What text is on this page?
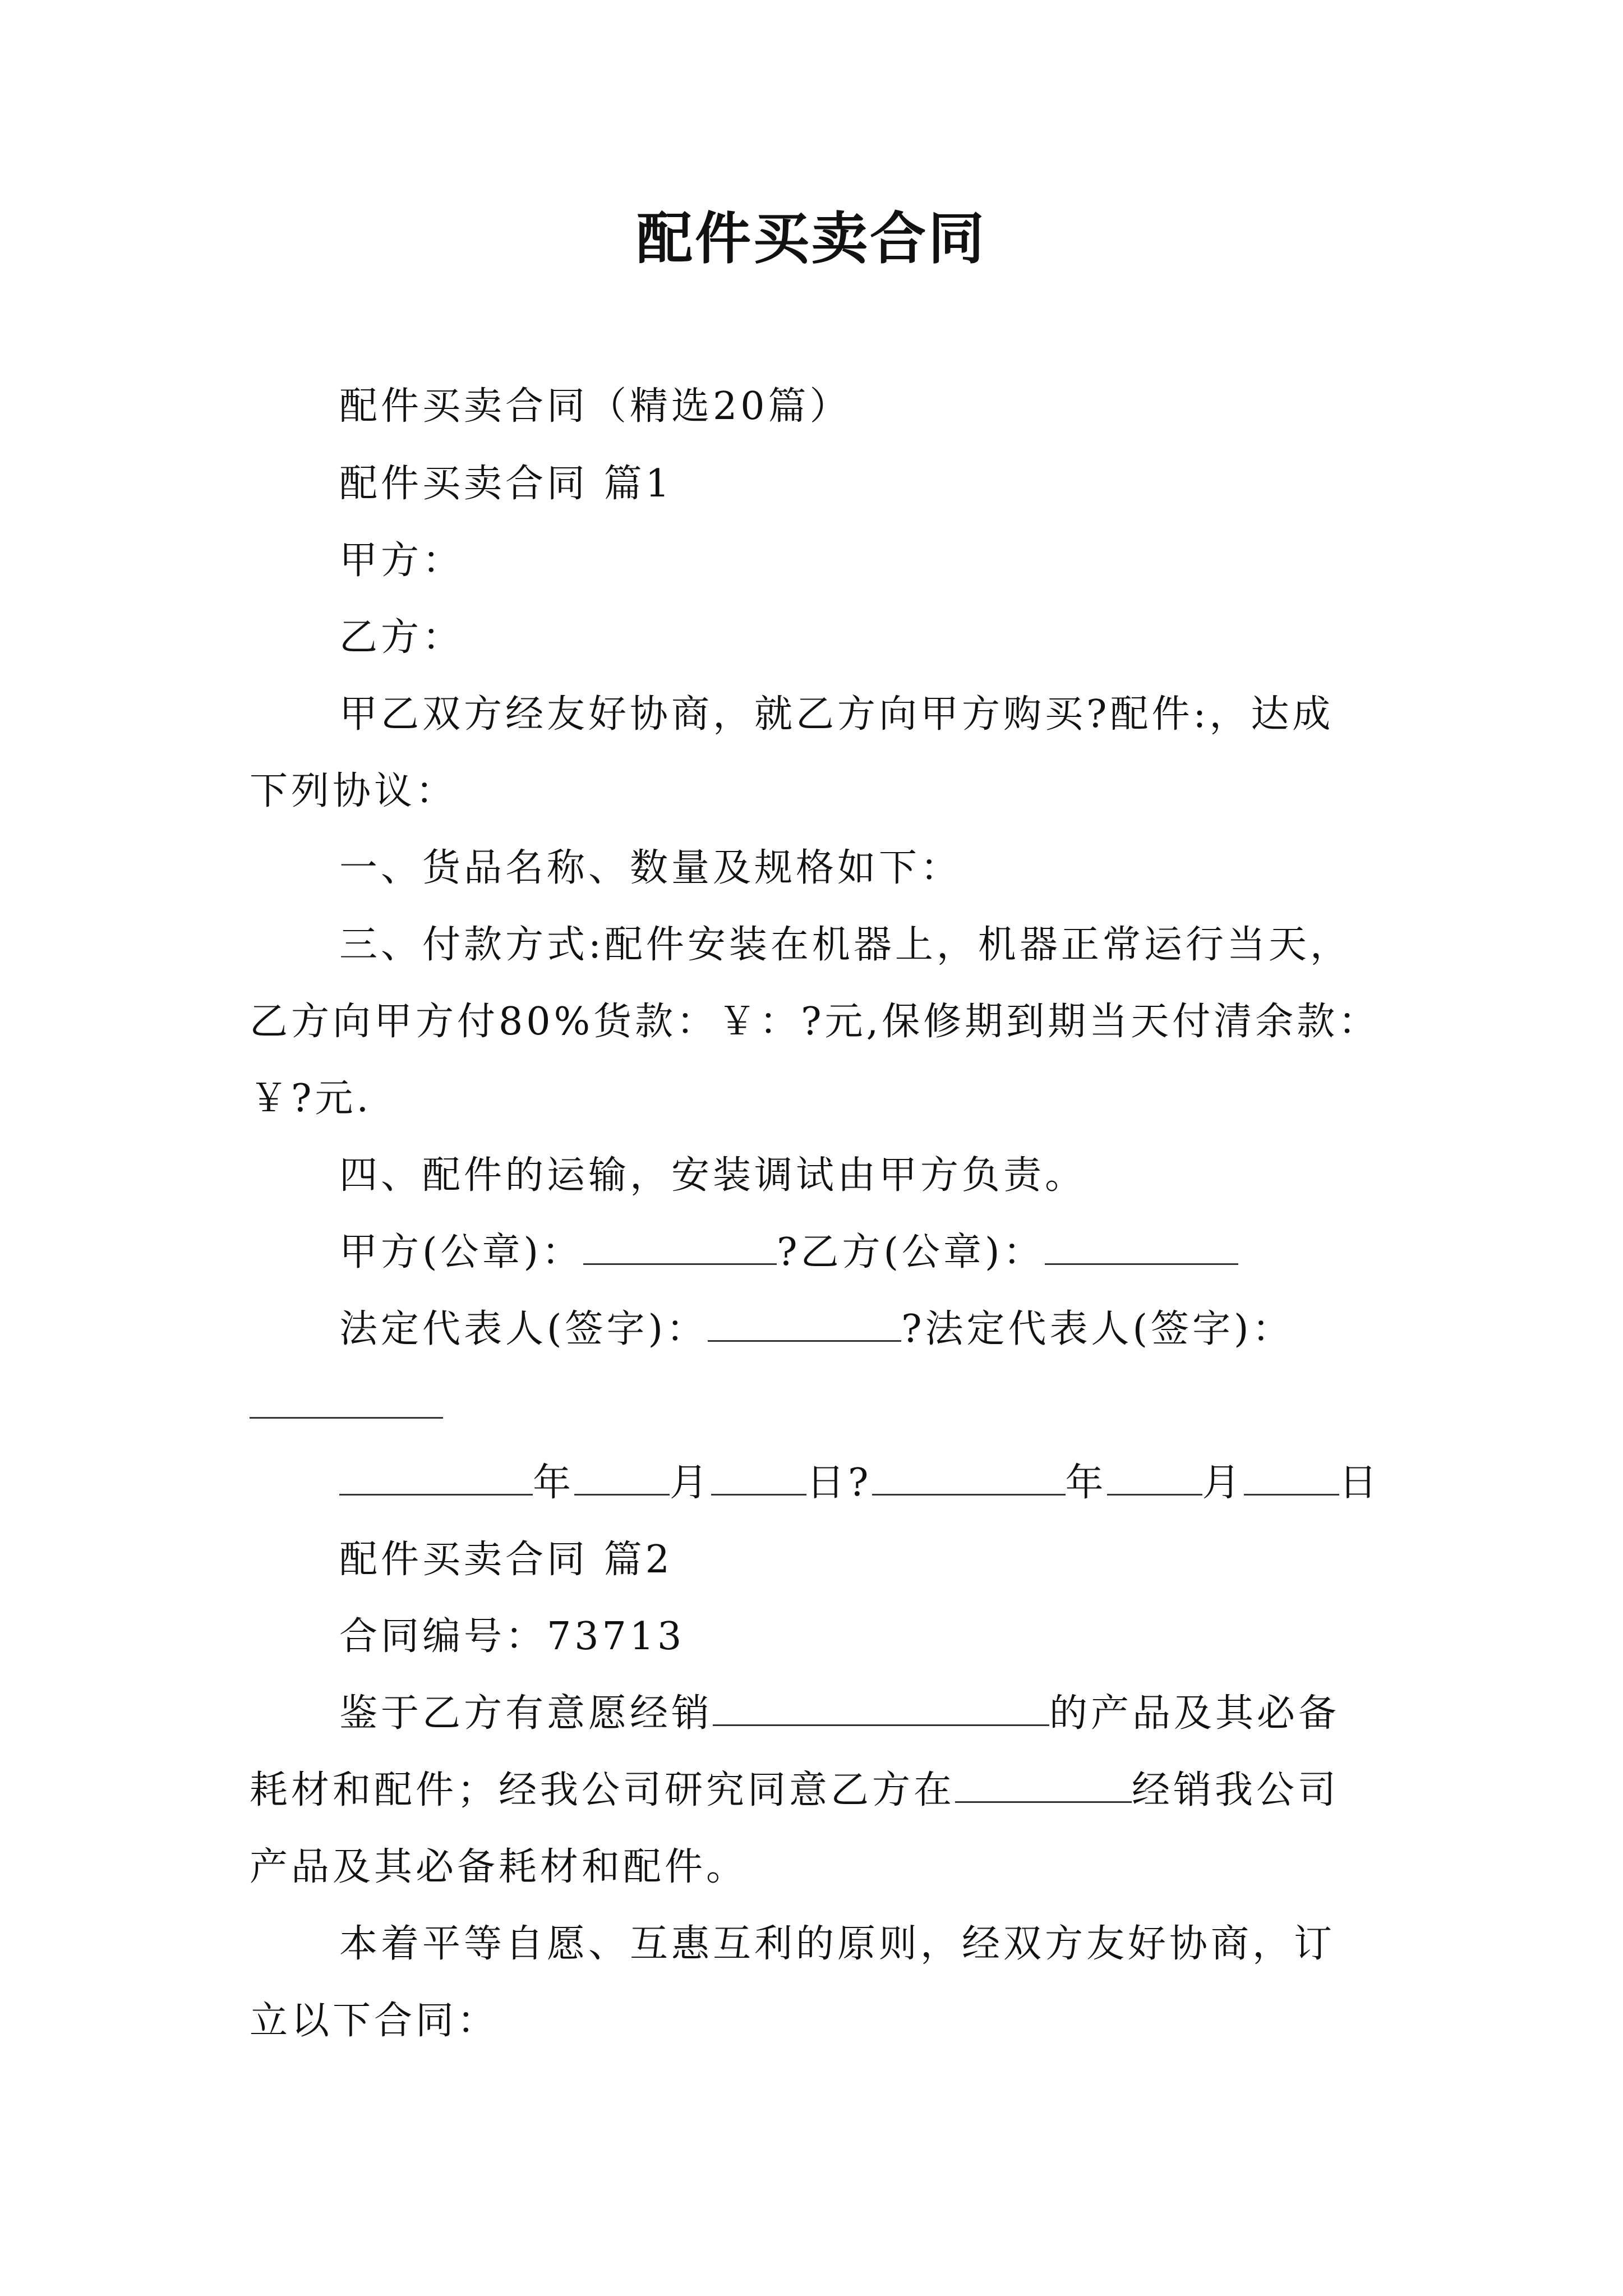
配件买卖合同
配件买卖合同（精选20篇）
配件买卖合同 篇1
甲方：
乙方：
甲乙双方经友好协商，就乙方向甲方购买?配件:，达成
下列协议：
一、货品名称、数量及规格如下：
三、付款方式:配件安装在机器上，机器正常运行当天，
乙方向甲方付80%货款：￥：?元,保修期到期当天付清余款：
￥?元.
四、配件的运输，安装调试由甲方负责。
甲方(公章)：	?乙方(公章)：
法定代表人(签字)：	?法定代表人(签字)：
年	月	日?	年	月	日
配件买卖合同 篇2
合同编号：73713
鉴于乙方有意愿经销	的产品及其必备
耗材和配件；经我公司研究同意乙方在	经销我公司
产品及其必备耗材和配件。
本着平等自愿、互惠互利的原则，经双方友好协商，订
立以下合同：
